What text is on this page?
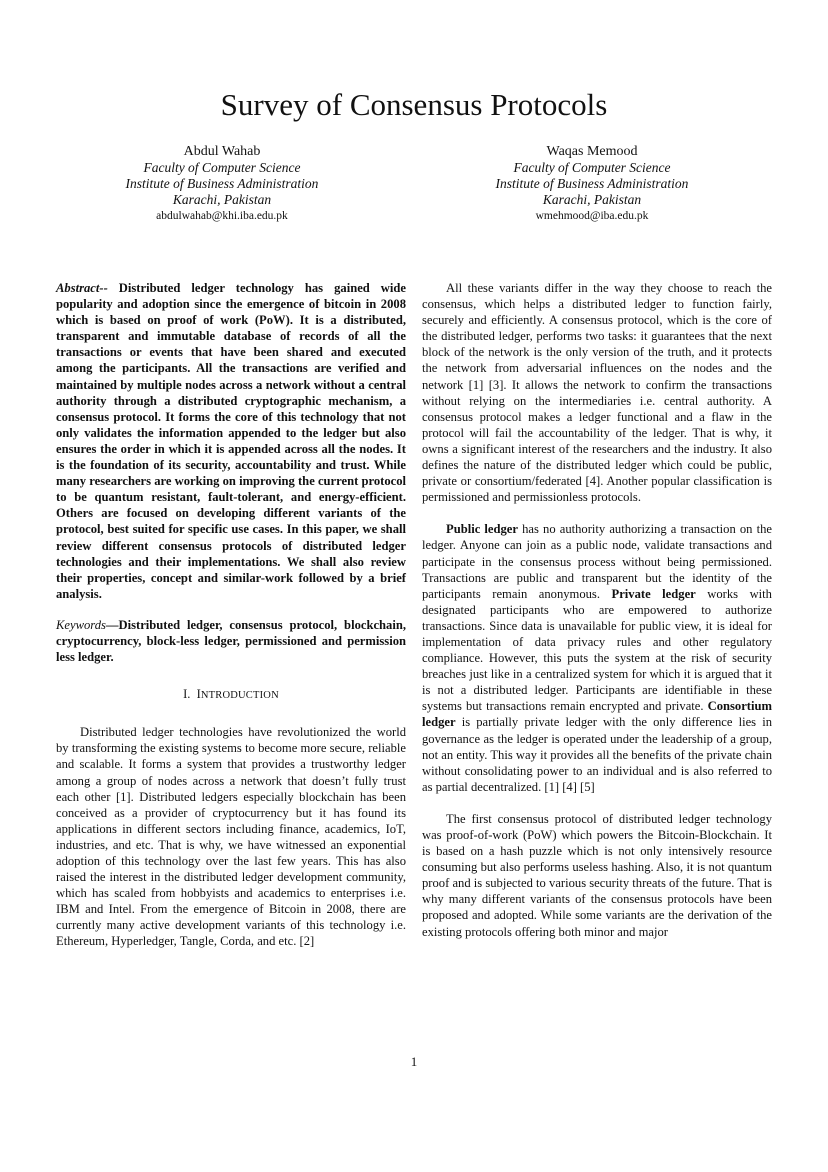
Survey of Consensus Protocols
Abdul Wahab
Faculty of Computer Science
Institute of Business Administration
Karachi, Pakistan
abdulwahab@khi.iba.edu.pk
Waqas Memood
Faculty of Computer Science
Institute of Business Administration
Karachi, Pakistan
wmehmood@iba.edu.pk

Abstract-- Distributed ledger technology has gained wide popularity and adoption since the emergence of bitcoin in 2008 which is based on proof of work (PoW). It is a distributed, transparent and immutable database of records of all the transactions or events that have been shared and executed among the participants. All the transactions are verified and maintained by multiple nodes across a network without a central authority through a distributed cryptographic mechanism, a consensus protocol. It forms the core of this technology that not only validates the information appended to the ledger but also ensures the order in which it is appended across all the nodes. It is the foundation of its security, accountability and trust. While many researchers are working on improving the current protocol to be quantum resistant, fault-tolerant, and energy-efficient. Others are focused on developing different variants of the protocol, best suited for specific use cases. In this paper, we shall review different consensus protocols of distributed ledger technologies and their implementations. We shall also review their properties, concept and similar-work followed by a brief analysis.

Keywords—Distributed ledger, consensus protocol, blockchain, cryptocurrency, block-less ledger, permissioned and permission less ledger.

I. INTRODUCTION

Distributed ledger technologies have revolutionized the world by transforming the existing systems to become more secure, reliable and scalable. It forms a system that provides a trustworthy ledger among a group of nodes across a network that doesn’t fully trust each other [1]. Distributed ledgers especially blockchain has been conceived as a provider of cryptocurrency but it has found its applications in different sectors including finance, academics, IoT, industries, and etc. That is why, we have witnessed an exponential adoption of this technology over the last few years. This has also raised the interest in the distributed ledger development community, which has scaled from hobbyists and academics to enterprises i.e. IBM and Intel. From the emergence of Bitcoin in 2008, there are currently many active development variants of this technology i.e. Ethereum, Hyperledger, Tangle, Corda, and etc. [2]

All these variants differ in the way they choose to reach the consensus, which helps a distributed ledger to function fairly, securely and efficiently. A consensus protocol, which is the core of the distributed ledger, performs two tasks: it guarantees that the next block of the network is the only version of the truth, and it protects the network from adversarial influences on the nodes and the network [1] [3]. It allows the network to confirm the transactions without relying on the intermediaries i.e. central authority. A consensus protocol makes a ledger functional and a flaw in the protocol will fail the accountability of the ledger. That is why, it owns a significant interest of the researchers and the industry. It also defines the nature of the distributed ledger which could be public, private or consortium/federated [4]. Another popular classification is permissioned and permissionless protocols.

Public ledger has no authority authorizing a transaction on the ledger. Anyone can join as a public node, validate transactions and participate in the consensus process without being permissioned. Transactions are public and transparent but the identity of the participants remain anonymous. Private ledger works with designated participants who are empowered to authorize transactions. Since data is unavailable for public view, it is ideal for implementation of data privacy rules and other regulatory compliance. However, this puts the system at the risk of security breaches just like in a centralized system for which it is argued that it is not a distributed ledger. Participants are identifiable in these systems but transactions remain encrypted and private. Consortium ledger is partially private ledger with the only difference lies in governance as the ledger is operated under the leadership of a group, not an entity. This way it provides all the benefits of the private chain without consolidating power to an individual and is also referred to as partial decentralized. [1] [4] [5]

The first consensus protocol of distributed ledger technology was proof-of-work (PoW) which powers the Bitcoin-Blockchain. It is based on a hash puzzle which is not only intensively resource consuming but also performs useless hashing. Also, it is not quantum proof and is subjected to various security threats of the future. That is why many different variants of the consensus protocols have been proposed and adopted. While some variants are the derivation of the existing protocols offering both minor and major

1
